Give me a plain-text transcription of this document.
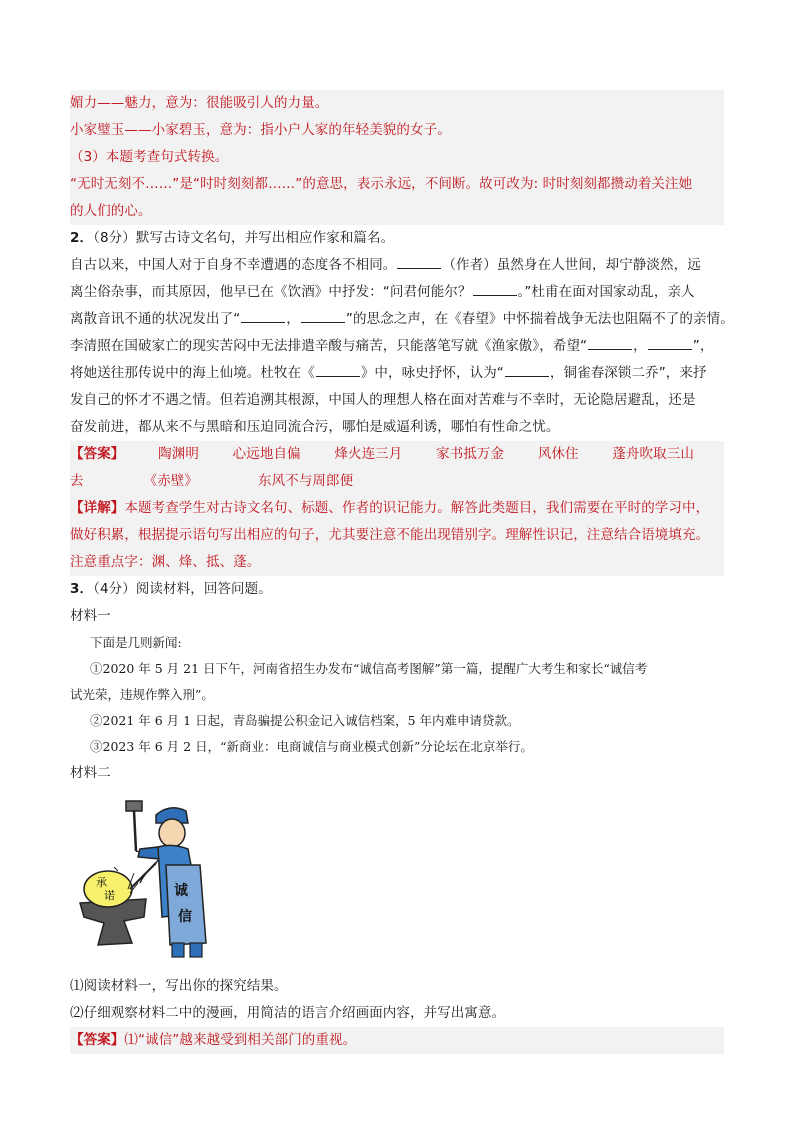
媚力——魅力，意为：很能吸引人的力量。
小家璧玉——小家碧玉，意为：指小户人家的年轻美貌的女子。
（3）本题考查句式转换。
“无时无刻不……”是“时时刻刻都……”的意思，表示永远，不间断。故可改为: 时时刻刻都攒动着关注她
的人们的心。
2．（8分）默写古诗文名句，并写出相应作家和篇名。
自古以来，中国人对于自身不幸遭遇的态度各不相同。	（作者）虽然身在人世间，却宁静淡然，远
离尘俗杂事，而其原因，他早已在《饮酒》中抒发：“问君何能尔？	。”杜甫在面对国家动乱，亲人
离散音讯不通的状况发出了“	，	”的思念之声，在《春望》中怀揣着战争无法也阻隔不了的亲情。
李清照在国破家亡的现实苦闷中无法排遣辛酸与痛苦，只能落笔写就《渔家傲》，希望“	，	”，
将她送往那传说中的海上仙境。杜牧在《	》中，咏史抒怀，认为“	，铜雀春深锁二乔”，来抒
发自己的怀才不遇之情。但若追溯其根源，中国人的理想人格在面对苦难与不幸时，无论隐居避乱，还是
奋发前进，都从来不与黑暗和压迫同流合污，哪怕是威逼利诱，哪怕有性命之忧。
【答案】 陶渊明 心远地自偏 烽火连三月 家书抵万金 风休住 蓬舟吹取三山
去	《赤壁》	东风不与周郎便
【详解】本题考查学生对古诗文名句、标题、作者的识记能力。解答此类题目，我们需要在平时的学习中，
做好积累，根据提示语句写出相应的句子，尤其要注意不能出现错别字。理解性识记，注意结合语境填充。
注意重点字：渊、烽、抵、蓬。
3．（4分）阅读材料，回答问题。
材料一
下面是几则新闻:
①2020 年 5 月 21 日下午，河南省招生办发布“诚信高考图解”第一篇，提醒广大考生和家长“诚信考
试光荣，违规作弊入刑”。
②2021 年 6 月 1 日起，青岛骗提公积金记入诚信档案，5 年内难申请贷款。
③2023 年 6 月 2 日，“新商业：电商诚信与商业模式创新”分论坛在北京举行。
材料二
诚
信
承
诺
⑴阅读材料一，写出你的探究结果。
⑵仔细观察材料二中的漫画，用简洁的语言介绍画面内容，并写出寓意。
【答案】⑴“诚信”越来越受到相关部门的重视。
